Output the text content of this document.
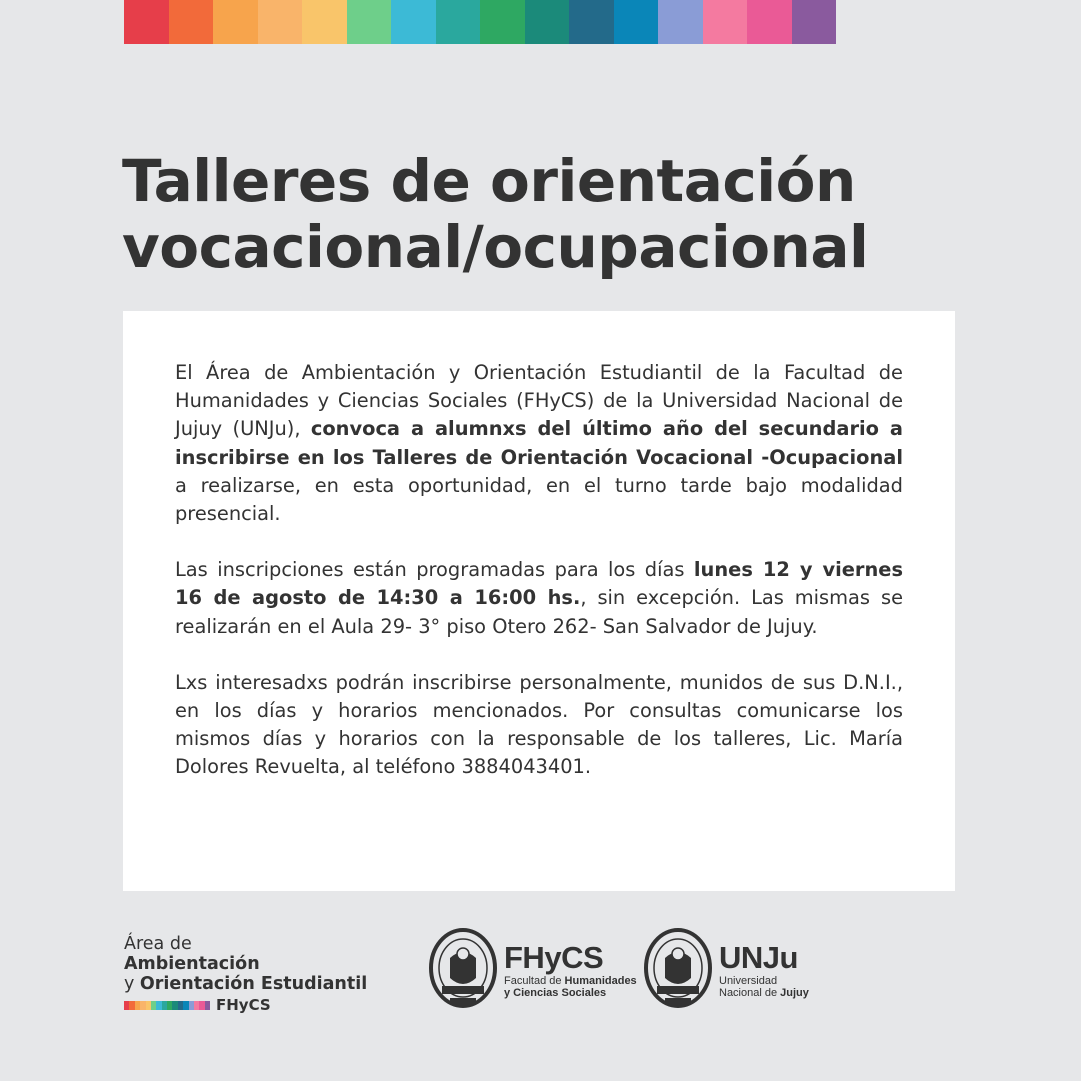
Talleres de orientación
vocacional/ocupacional

El Área de Ambientación y Orientación Estudiantil de la Facultad de Humanidades y Ciencias Sociales (FHyCS) de la Universidad Nacional de Jujuy (UNJu), convoca a alumnxs del último año del secundario a inscribirse en los Talleres de Orientación Vocacional -Ocupacional a realizarse, en esta oportunidad, en el turno tarde bajo modalidad presencial.

Las inscripciones están programadas para los días lunes 12 y viernes 16 de agosto de 14:30 a 16:00 hs., sin excepción. Las mismas se realizarán en el Aula 29- 3° piso Otero 262- San Salvador de Jujuy.

Lxs interesadxs podrán inscribirse personalmente, munidos de sus D.N.I., en los días y horarios mencionados. Por consultas comunicarse los mismos días y horarios con la responsable de los talleres, Lic. María Dolores Revuelta, al teléfono 3884043401.

Área de
Ambientación
y Orientación Estudiantil
FHyCS
FHyCS
Facultad de Humanidades
y Ciencias Sociales
UNJu
Universidad
Nacional de Jujuy
